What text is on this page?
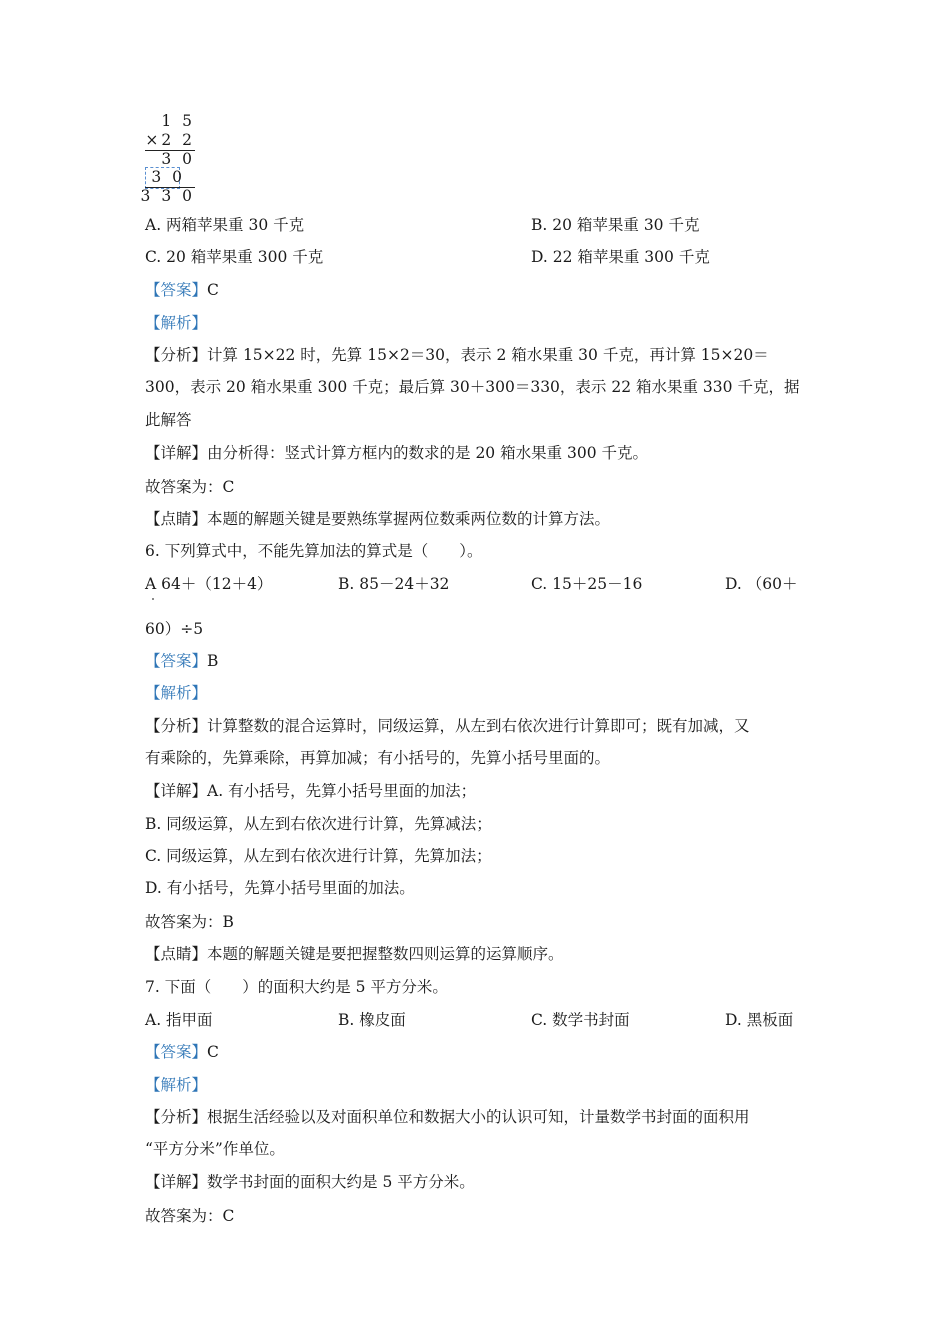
1 5
×2 2
3 0
3 0
3 3 0
A. 两箱苹果重 30 千克	B. 20 箱苹果重 30 千克
C. 20 箱苹果重 300 千克	D. 22 箱苹果重 300 千克
【答案】C
【解析】
【分析】计算 15×22 时，先算 15×2＝30，表示 2 箱水果重 30 千克，再计算 15×20＝
300，表示 20 箱水果重 300 千克；最后算 30＋300＝330，表示 22 箱水果重 330 千克，据
此解答
【详解】由分析得：竖式计算方框内的数求的是 20 箱水果重 300 千克。
故答案为：C
【点睛】本题的解题关键是要熟练掌握两位数乘两位数的计算方法。
6. 下列算式中，不能先算加法的算式是（　　）。
A 64＋（12＋4）	B. 85－24＋32	C. 15＋25－16	D. （60＋
60）÷5
【答案】B
【解析】
【分析】计算整数的混合运算时，同级运算，从左到右依次进行计算即可；既有加减，又
有乘除的，先算乘除，再算加减；有小括号的，先算小括号里面的。
【详解】A. 有小括号，先算小括号里面的加法；
B. 同级运算，从左到右依次进行计算，先算减法；
C. 同级运算，从左到右依次进行计算，先算加法；
D. 有小括号，先算小括号里面的加法。
故答案为：B
【点睛】本题的解题关键是要把握整数四则运算的运算顺序。
7. 下面（　　）的面积大约是 5 平方分米。
A. 指甲面	B. 橡皮面	C. 数学书封面	D. 黑板面
【答案】C
【解析】
【分析】根据生活经验以及对面积单位和数据大小的认识可知，计量数学书封面的面积用
“平方分米”作单位。
【详解】数学书封面的面积大约是 5 平方分米。
故答案为：C
